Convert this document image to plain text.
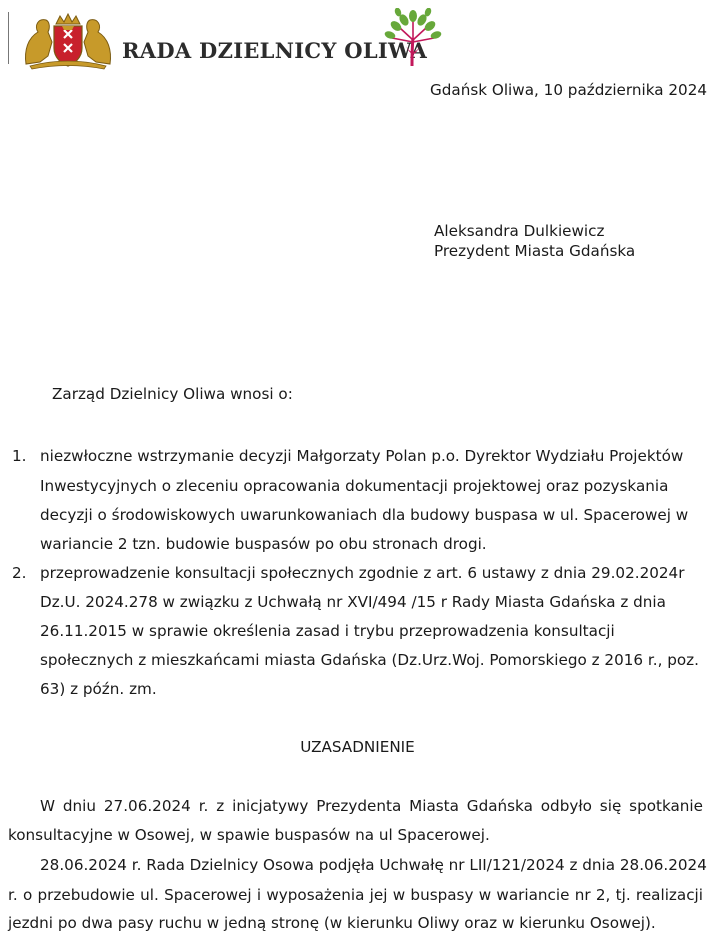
RADA DZIELNICY OLIWA
Gdańsk Oliwa, 10 października 2024
Aleksandra Dulkiewicz
Prezydent Miasta Gdańska
Zarząd Dzielnicy Oliwa wnosi o:
1. niezwłoczne wstrzymanie decyzji Małgorzaty Polan p.o. Dyrektor Wydziału Projektów
Inwestycyjnych o zleceniu opracowania dokumentacji projektowej oraz pozyskania
decyzji o środowiskowych uwarunkowaniach dla budowy buspasa w ul. Spacerowej w
wariancie 2 tzn. budowie buspasów po obu stronach drogi.
2. przeprowadzenie konsultacji społecznych zgodnie z art. 6 ustawy z dnia 29.02.2024r
Dz.U. 2024.278 w związku z Uchwałą nr XVI/494 /15 r Rady Miasta Gdańska z dnia
26.11.2015 w sprawie określenia zasad i trybu przeprowadzenia konsultacji
społecznych z mieszkańcami miasta Gdańska (Dz.Urz.Woj. Pomorskiego z 2016 r., poz.
63) z późn. zm.
UZASADNIENIE
W dniu 27.06.2024 r. z inicjatywy Prezydenta Miasta Gdańska odbyło się spotkanie
konsultacyjne w Osowej, w spawie buspasów na ul Spacerowej.
28.06.2024 r. Rada Dzielnicy Osowa podjęła Uchwałę nr LII/121/2024 z dnia 28.06.2024
r. o przebudowie ul. Spacerowej i wyposażenia jej w buspasy w wariancie nr 2, tj. realizacji
jezdni po dwa pasy ruchu w jedną stronę (w kierunku Oliwy oraz w kierunku Osowej).
